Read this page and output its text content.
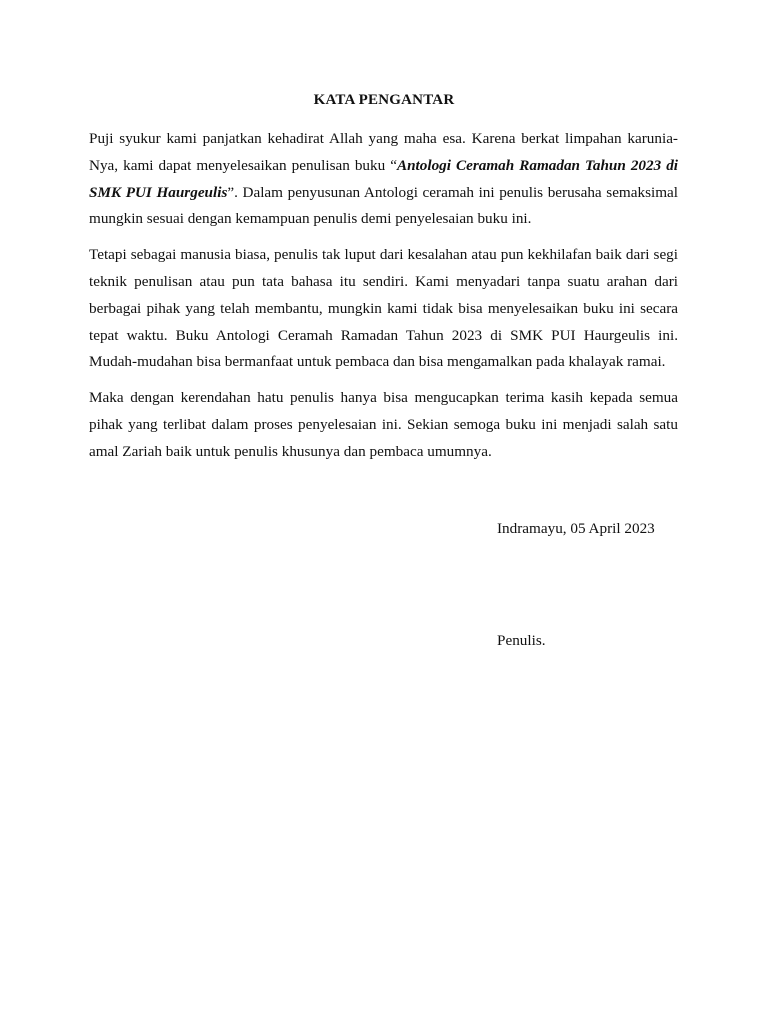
KATA PENGANTAR

Puji syukur kami panjatkan kehadirat Allah yang maha esa. Karena berkat limpahan karunia-Nya, kami dapat menyelesaikan penulisan buku “Antologi Ceramah Ramadan Tahun 2023 di SMK PUI Haurgeulis”. Dalam penyusunan Antologi ceramah ini penulis berusaha semaksimal mungkin sesuai dengan kemampuan penulis demi penyelesaian buku ini.

Tetapi sebagai manusia biasa, penulis tak luput dari kesalahan atau pun kekhilafan baik dari segi teknik penulisan atau pun tata bahasa itu sendiri. Kami menyadari tanpa suatu arahan dari berbagai pihak yang telah membantu, mungkin kami tidak bisa menyelesaikan buku ini secara tepat waktu. Buku Antologi Ceramah Ramadan Tahun 2023 di SMK PUI Haurgeulis ini. Mudah-mudahan bisa bermanfaat untuk pembaca dan bisa mengamalkan pada khalayak ramai.

Maka dengan kerendahan hatu penulis hanya bisa mengucapkan terima kasih kepada semua pihak yang terlibat dalam proses penyelesaian ini. Sekian semoga buku ini menjadi salah satu amal Zariah baik untuk penulis khusunya dan pembaca umumnya.

Indramayu, 05 April 2023
Penulis.
